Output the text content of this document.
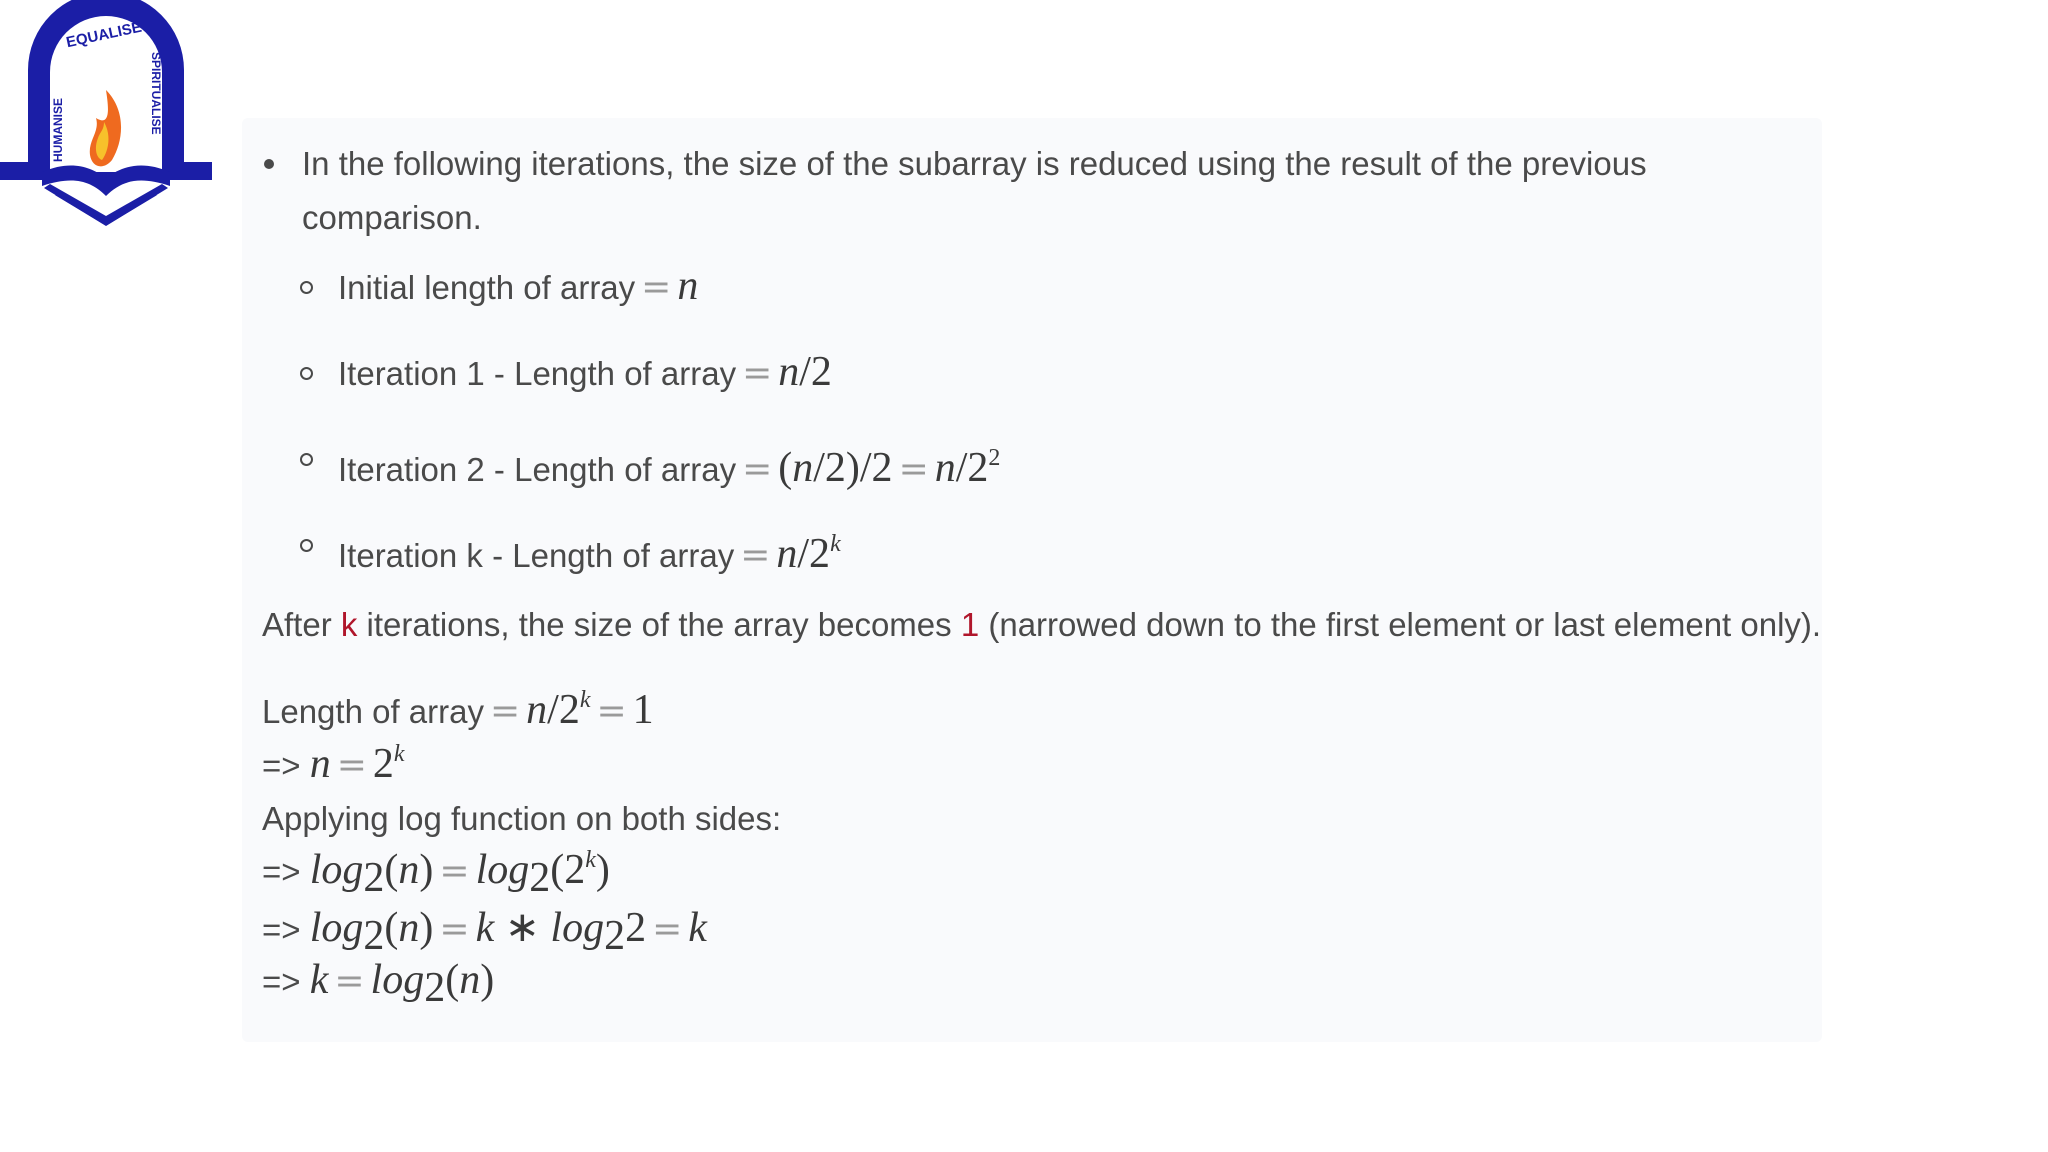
EQUALISE
HUMANISE	SPIRITUALISE
In the following iterations, the size of the subarray is reduced using the result of the previous comparison.
Initial length of array = n
Iteration 1 - Length of array = n/2
Iteration 2 - Length of array = $(n/2)/2 = n/2^2$
Iteration k - Length of array = $n/2^k$
After k iterations, the size of the array becomes 1 (narrowed down to the first element or last element only).
Length of array = $n/2^k = 1$
=> $n = 2^k$
Applying log function on both sides:
=> $\log_2(n) = \log_2(2^k)$
=> $\log_2(n) = k$ ∗ $\log_22 = k$
=> $k = \log_2(n)$
